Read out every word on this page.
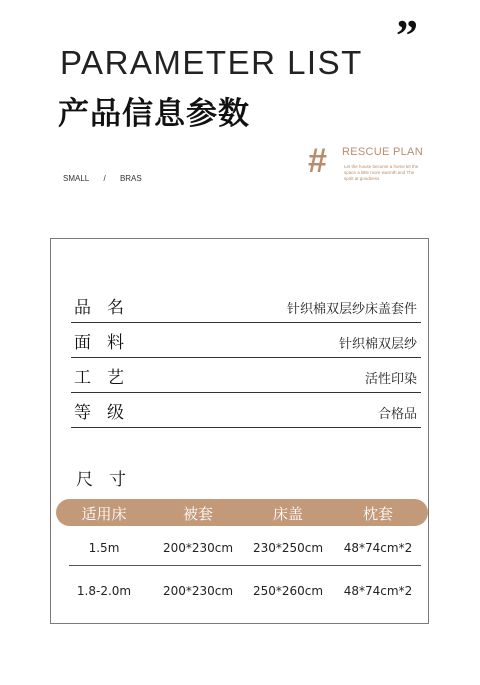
PARAMETER LIST
”
产品信息参数
# RESCUE PLAN
Let the house become a home let the space a little more warmth and The spirit at goodness
SMALL / BRAS
品名	针织棉双层纱床盖套件
面料	针织棉双层纱
工艺	活性印染
等级	合格品
尺寸
适用床	被套	床盖	枕套
1.5m	200*230cm	230*250cm	48*74cm*2
1.8-2.0m	200*230cm	250*260cm	48*74cm*2
